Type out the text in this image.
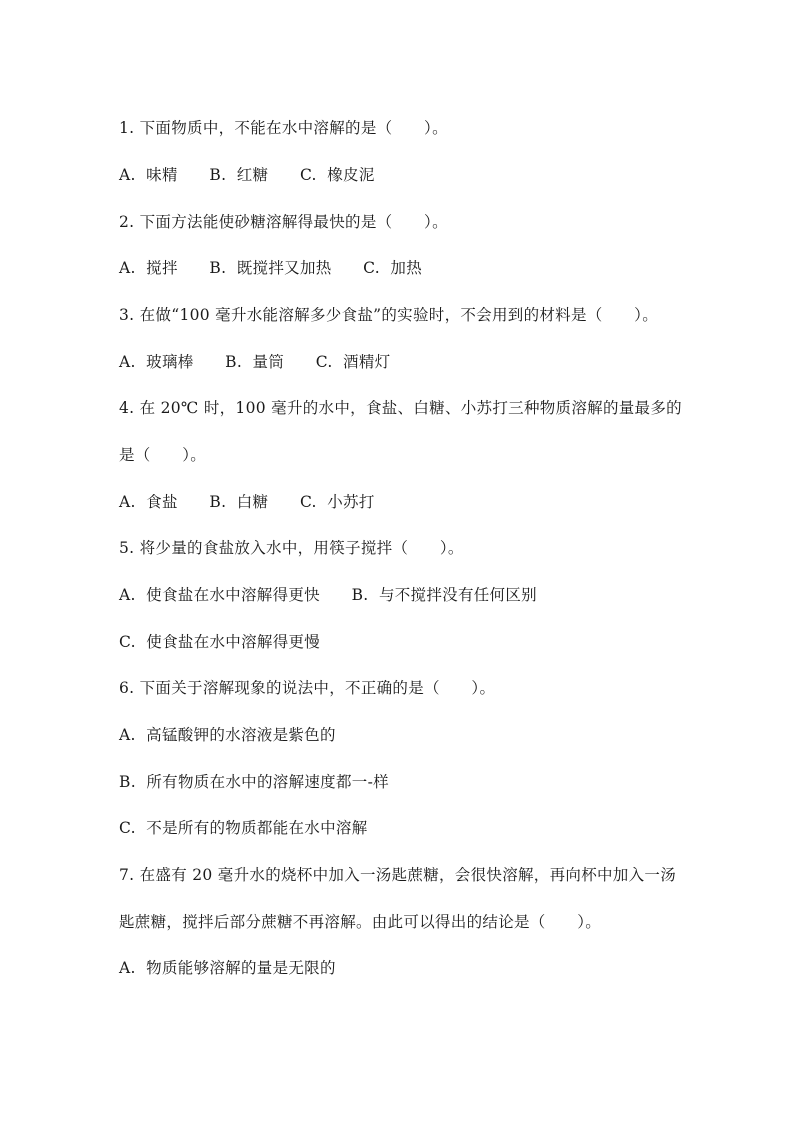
1. 下面物质中，不能在水中溶解的是（　　）。
A.  味精　　B.  红糖　　C.  橡皮泥
2. 下面方法能使砂糖溶解得最快的是（　　）。
A.  搅拌　　B.  既搅拌又加热　　C.  加热
3. 在做“100 毫升水能溶解多少食盐”的实验时，不会用到的材料是（　　）。
A.  玻璃棒　　B.  量筒　　C.  酒精灯
4. 在 20℃ 时，100 毫升的水中，食盐、白糖、小苏打三种物质溶解的量最多的
是（　　）。
A.  食盐　　B.  白糖　　C.  小苏打
5. 将少量的食盐放入水中，用筷子搅拌（　　）。
A.  使食盐在水中溶解得更快　　B.  与不搅拌没有任何区别
C.  使食盐在水中溶解得更慢
6. 下面关于溶解现象的说法中，不正确的是（　　）。
A.  高锰酸钾的水溶液是紫色的
B.  所有物质在水中的溶解速度都一-样
C.  不是所有的物质都能在水中溶解
7. 在盛有 20 毫升水的烧杯中加入一汤匙蔗糖，会很快溶解，再向杯中加入一汤
匙蔗糖，搅拌后部分蔗糖不再溶解。由此可以得出的结论是（　　）。
A.  物质能够溶解的量是无限的
